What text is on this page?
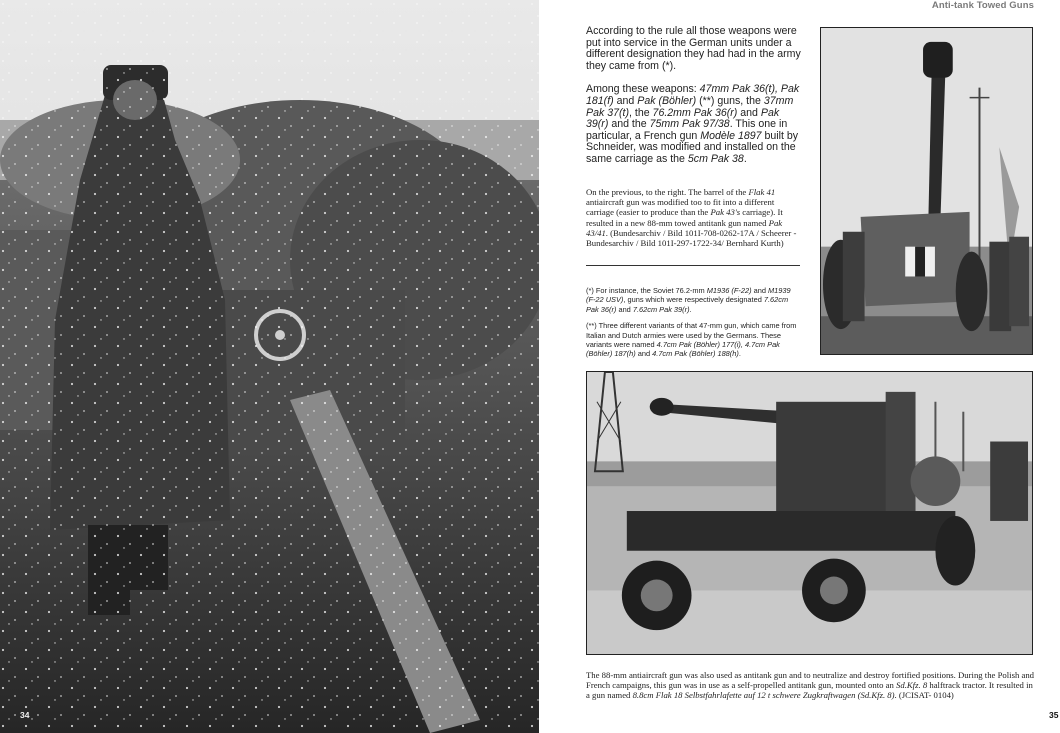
Anti-tank Towed Guns
34	35

According to the rule all those weapons were put into service in the German units under a different designation they had had in the army they came from (*).

Among these weapons: 47mm Pak 36(t), Pak 181(f) and Pak (Böhler) (**) guns, the 37mm Pak 37(t), the 76.2mm Pak 36(r) and Pak 39(r) and the 75mm Pak 97/38. This one in particular, a French gun Modèle 1897 built by Schneider, was modified and installed on the same carriage as the 5cm Pak 38.

On the previous, to the right. The barrel of the Flak 41 antiaircraft gun was modified too to fit into a different carriage (easier to produce than the Pak 43's carriage). It resulted in a new 88-mm towed antitank gun named Pak 43/41. (Bundesarchiv / Bild 101I-708-0262-17A / Scheerer - Bundesarchiv / Bild 101I-297-1722-34/ Bernhard Kurth)

(*) For instance, the Soviet 76.2-mm M1936 (F-22) and M1939 (F-22 USV), guns which were respectively designated 7.62cm Pak 36(r) and 7.62cm Pak 39(r).

(**) Three different variants of that 47-mm gun, which came from Italian and Dutch armies were used by the Germans. These variants were named 4.7cm Pak (Böhler) 177(i), 4.7cm Pak (Böhler) 187(h) and 4.7cm Pak (Böhler) 188(h).

The 88-mm antiaircraft gun was also used as antitank gun and to neutralize and destroy fortified positions. During the Polish and French campaigns, this gun was in use as a self-propelled antitank gun, mounted onto an Sd.Kfz. 8 halftrack tractor. It resulted in a gun named 8.8cm Flak 18 Selbstfahrlafette auf 12 t schwere Zugkraftwagen (Sd.Kfz. 8). (JCISAT- 0104)
